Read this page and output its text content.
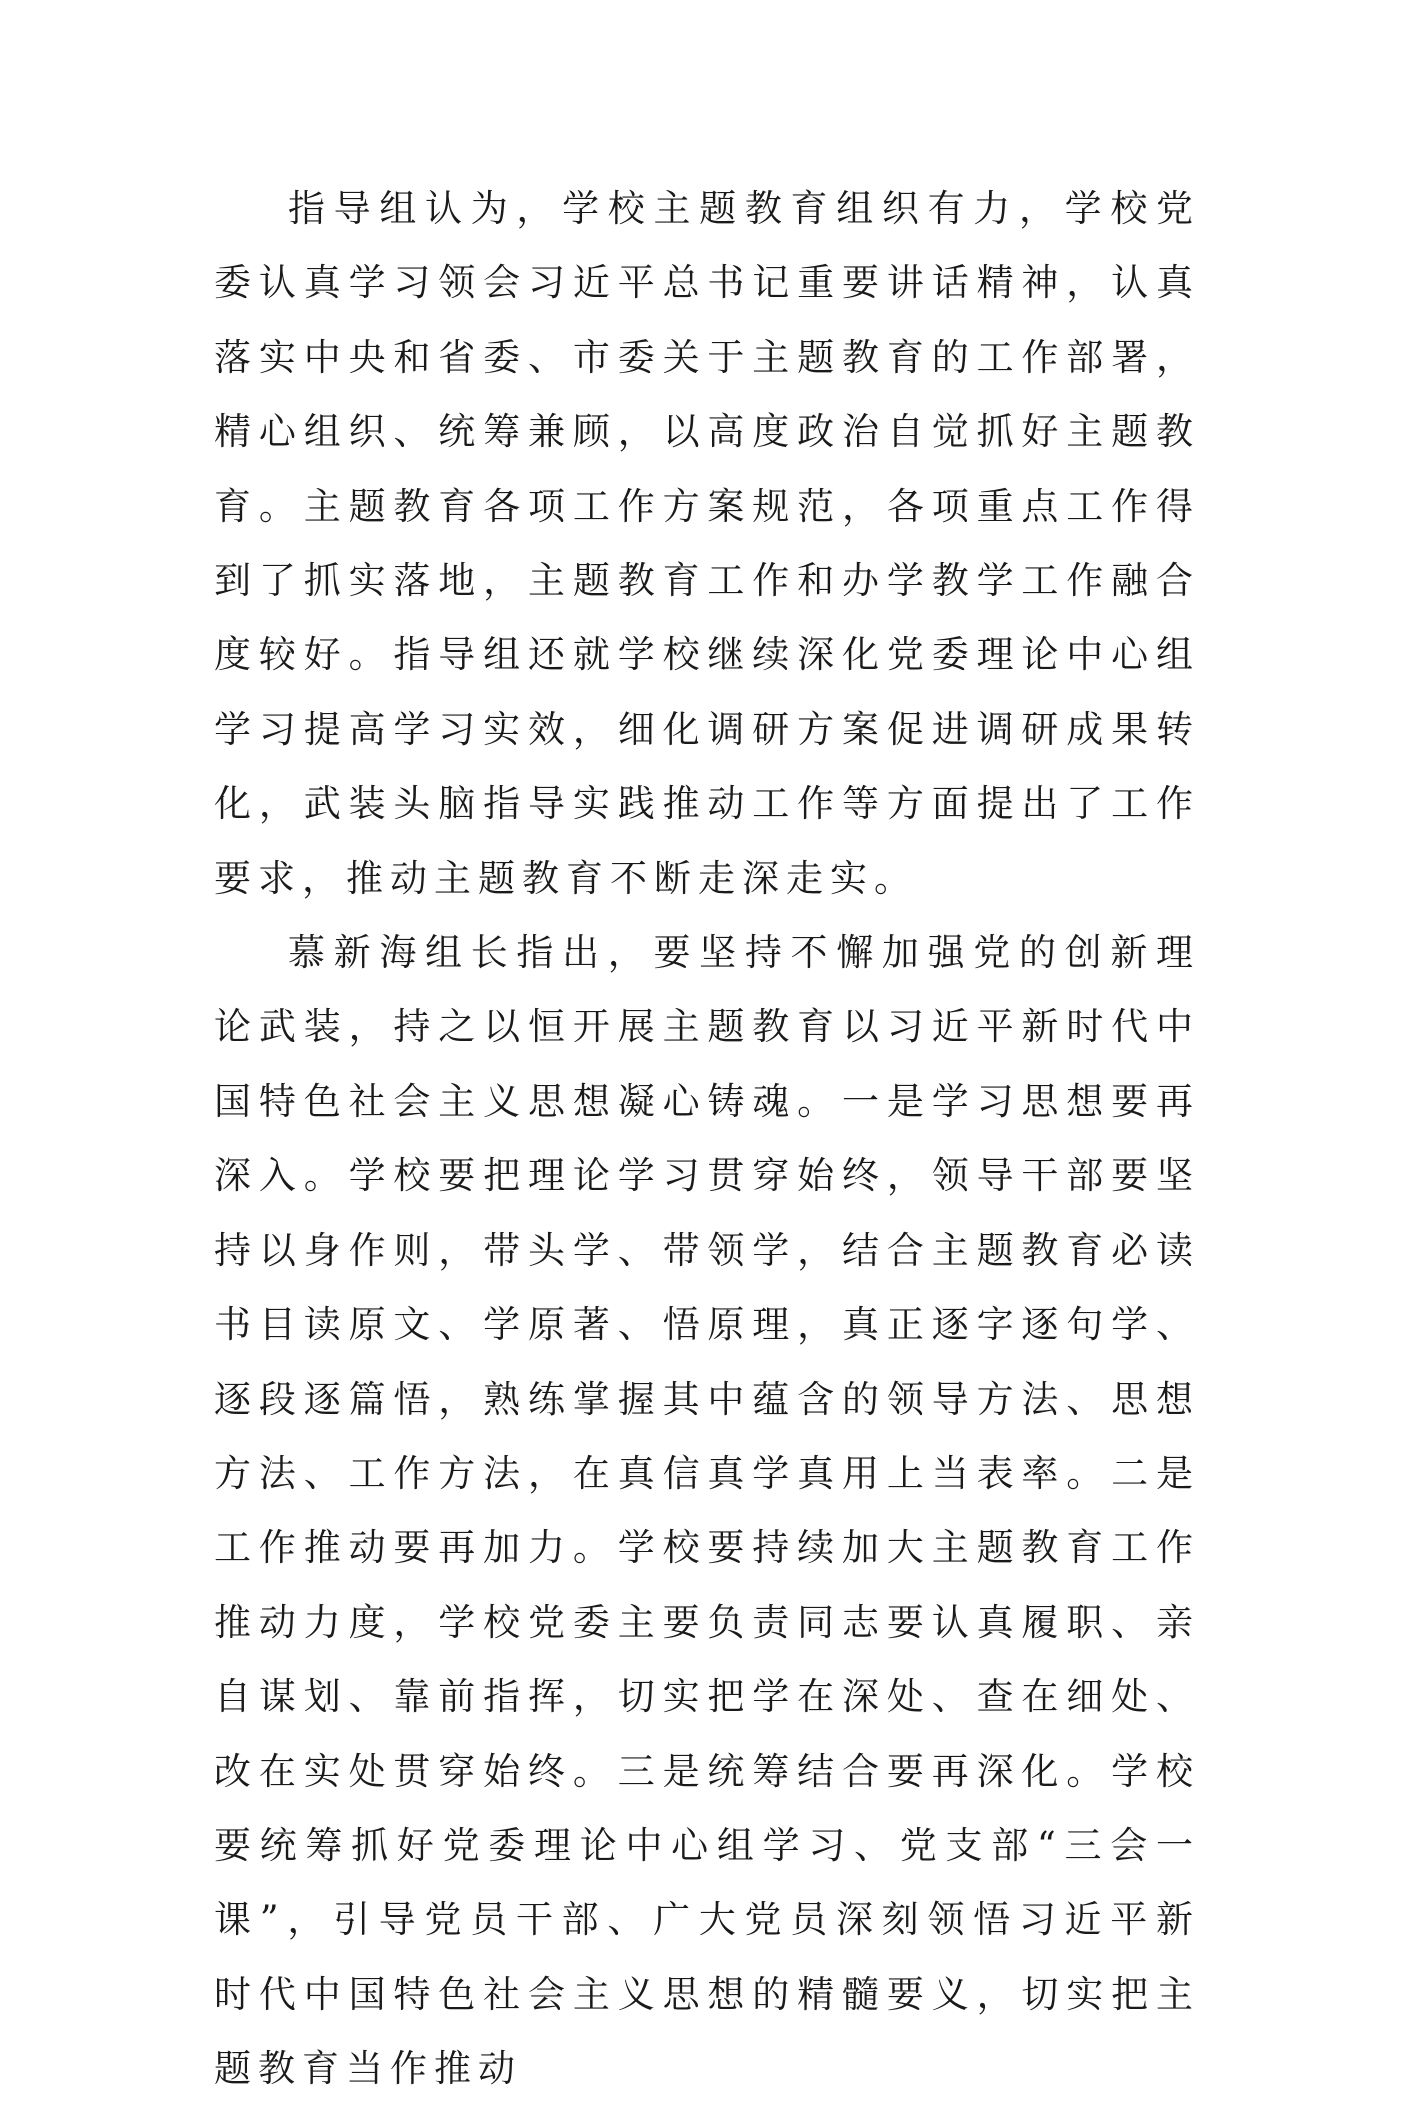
指导组认为，学校主题教育组织有力，学校党委认真学习领会习近平总书记重要讲话精神，认真落实中央和省委、市委关于主题教育的工作部署，精心组织、统筹兼顾，以高度政治自觉抓好主题教育。主题教育各项工作方案规范，各项重点工作得到了抓实落地，主题教育工作和办学教学工作融合度较好。指导组还就学校继续深化党委理论中心组学习提高学习实效，细化调研方案促进调研成果转化，武装头脑指导实践推动工作等方面提出了工作要求，推动主题教育不断走深走实。

慕新海组长指出，要坚持不懈加强党的创新理论武装，持之以恒开展主题教育以习近平新时代中国特色社会主义思想凝心铸魂。一是学习思想要再深入。学校要把理论学习贯穿始终，领导干部要坚持以身作则，带头学、带领学，结合主题教育必读书目读原文、学原著、悟原理，真正逐字逐句学、逐段逐篇悟，熟练掌握其中蕴含的领导方法、思想方法、工作方法，在真信真学真用上当表率。二是工作推动要再加力。学校要持续加大主题教育工作推动力度，学校党委主要负责同志要认真履职、亲自谋划、靠前指挥，切实把学在深处、查在细处、改在实处贯穿始终。三是统筹结合要再深化。学校要统筹抓好党委理论中心组学习、党支部“三会一课”，引导党员干部、广大党员深刻领悟习近平新时代中国特色社会主义思想的精髓要义，切实把主题教育当作推动
